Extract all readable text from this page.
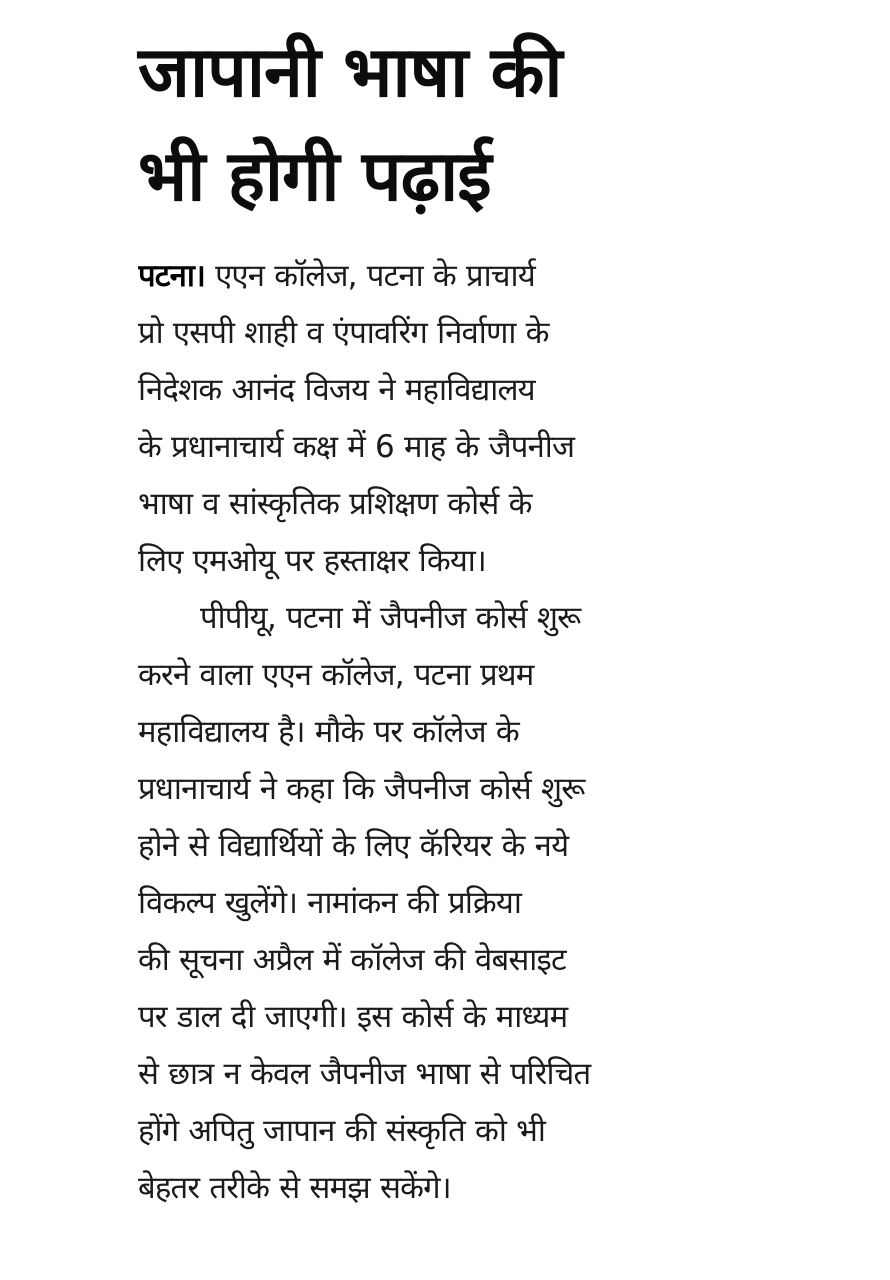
जापानी भाषा की
भी होगी पढ़ाई
पटना। एएन कॉलेज, पटना के प्राचार्य
प्रो एसपी शाही व एंपावरिंग निर्वाणा के
निदेशक आनंद विजय ने महाविद्यालय
के प्रधानाचार्य कक्ष में 6 माह के जैपनीज
भाषा व सांस्कृतिक प्रशिक्षण कोर्स के
लिए एमओयू पर हस्ताक्षर किया।
पीपीयू, पटना में जैपनीज कोर्स शुरू
करने वाला एएन कॉलेज, पटना प्रथम
महाविद्यालय है। मौके पर कॉलेज के
प्रधानाचार्य ने कहा कि जैपनीज कोर्स शुरू
होने से विद्यार्थियों के लिए कॅरियर के नये
विकल्प खुलेंगे। नामांकन की प्रक्रिया
की सूचना अप्रैल में कॉलेज की वेबसाइट
पर डाल दी जाएगी। इस कोर्स के माध्यम
से छात्र न केवल जैपनीज भाषा से परिचित
होंगे अपितु जापान की संस्कृति को भी
बेहतर तरीके से समझ सकेंगे।
